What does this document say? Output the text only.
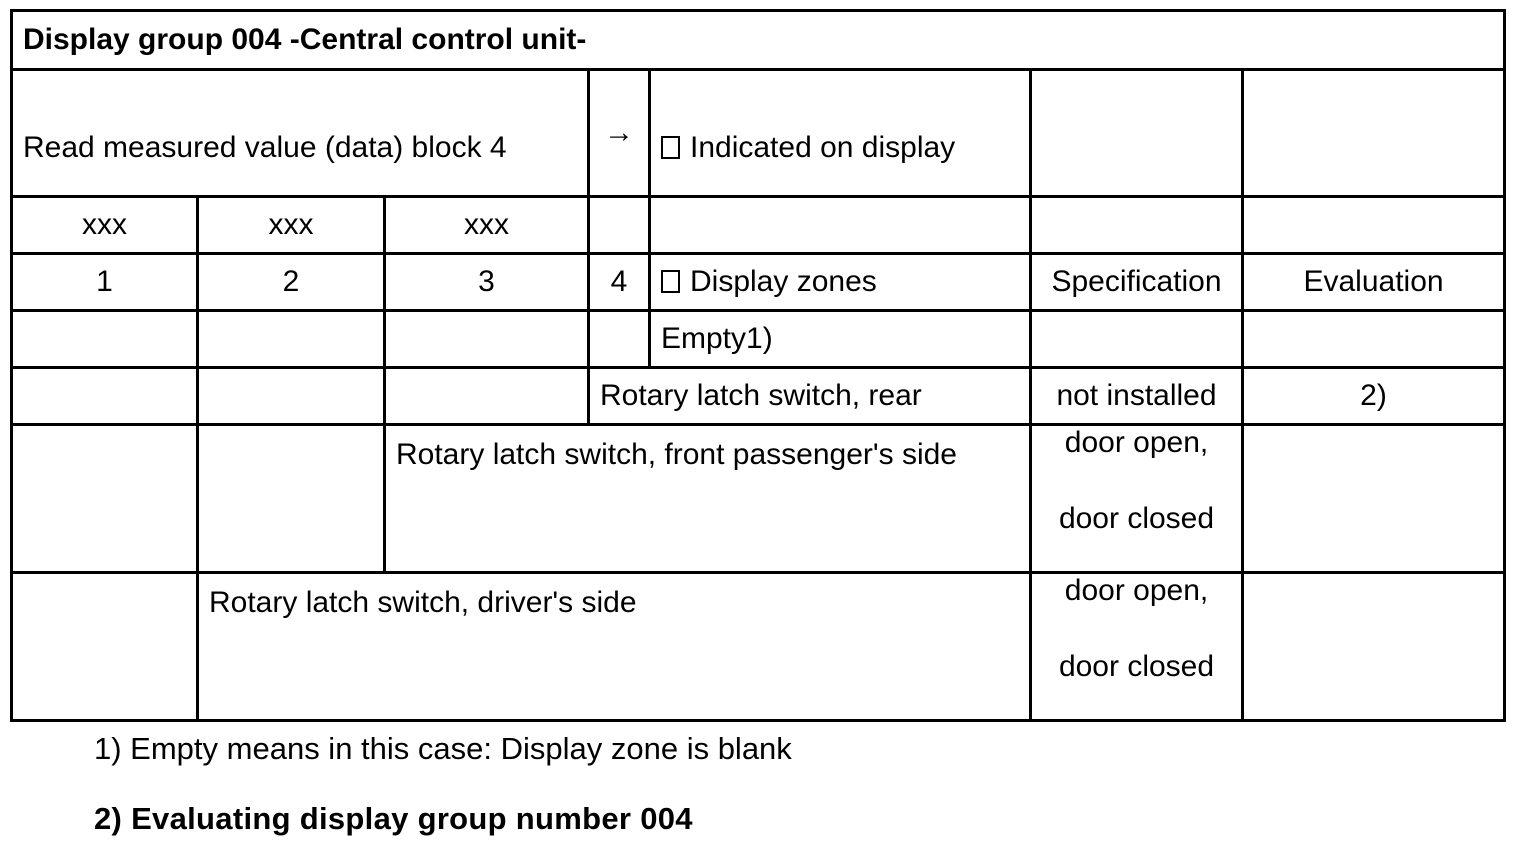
Display group 004 -Central control unit-						
Read measured value (data) block 4			→	Indicated on display		
xxx	xxx	xxx				
1	2	3	4	Display zones	Specification	Evaluation
				Empty1)		
			Rotary latch switch, rear		not installed	2)
		Rotary latch switch, front passenger's side			door open,
door closed	

	Rotary latch switch, driver's side				door open,
door closed	

1) Empty means in this case: Display zone is blank
2) Evaluating display group number 004
